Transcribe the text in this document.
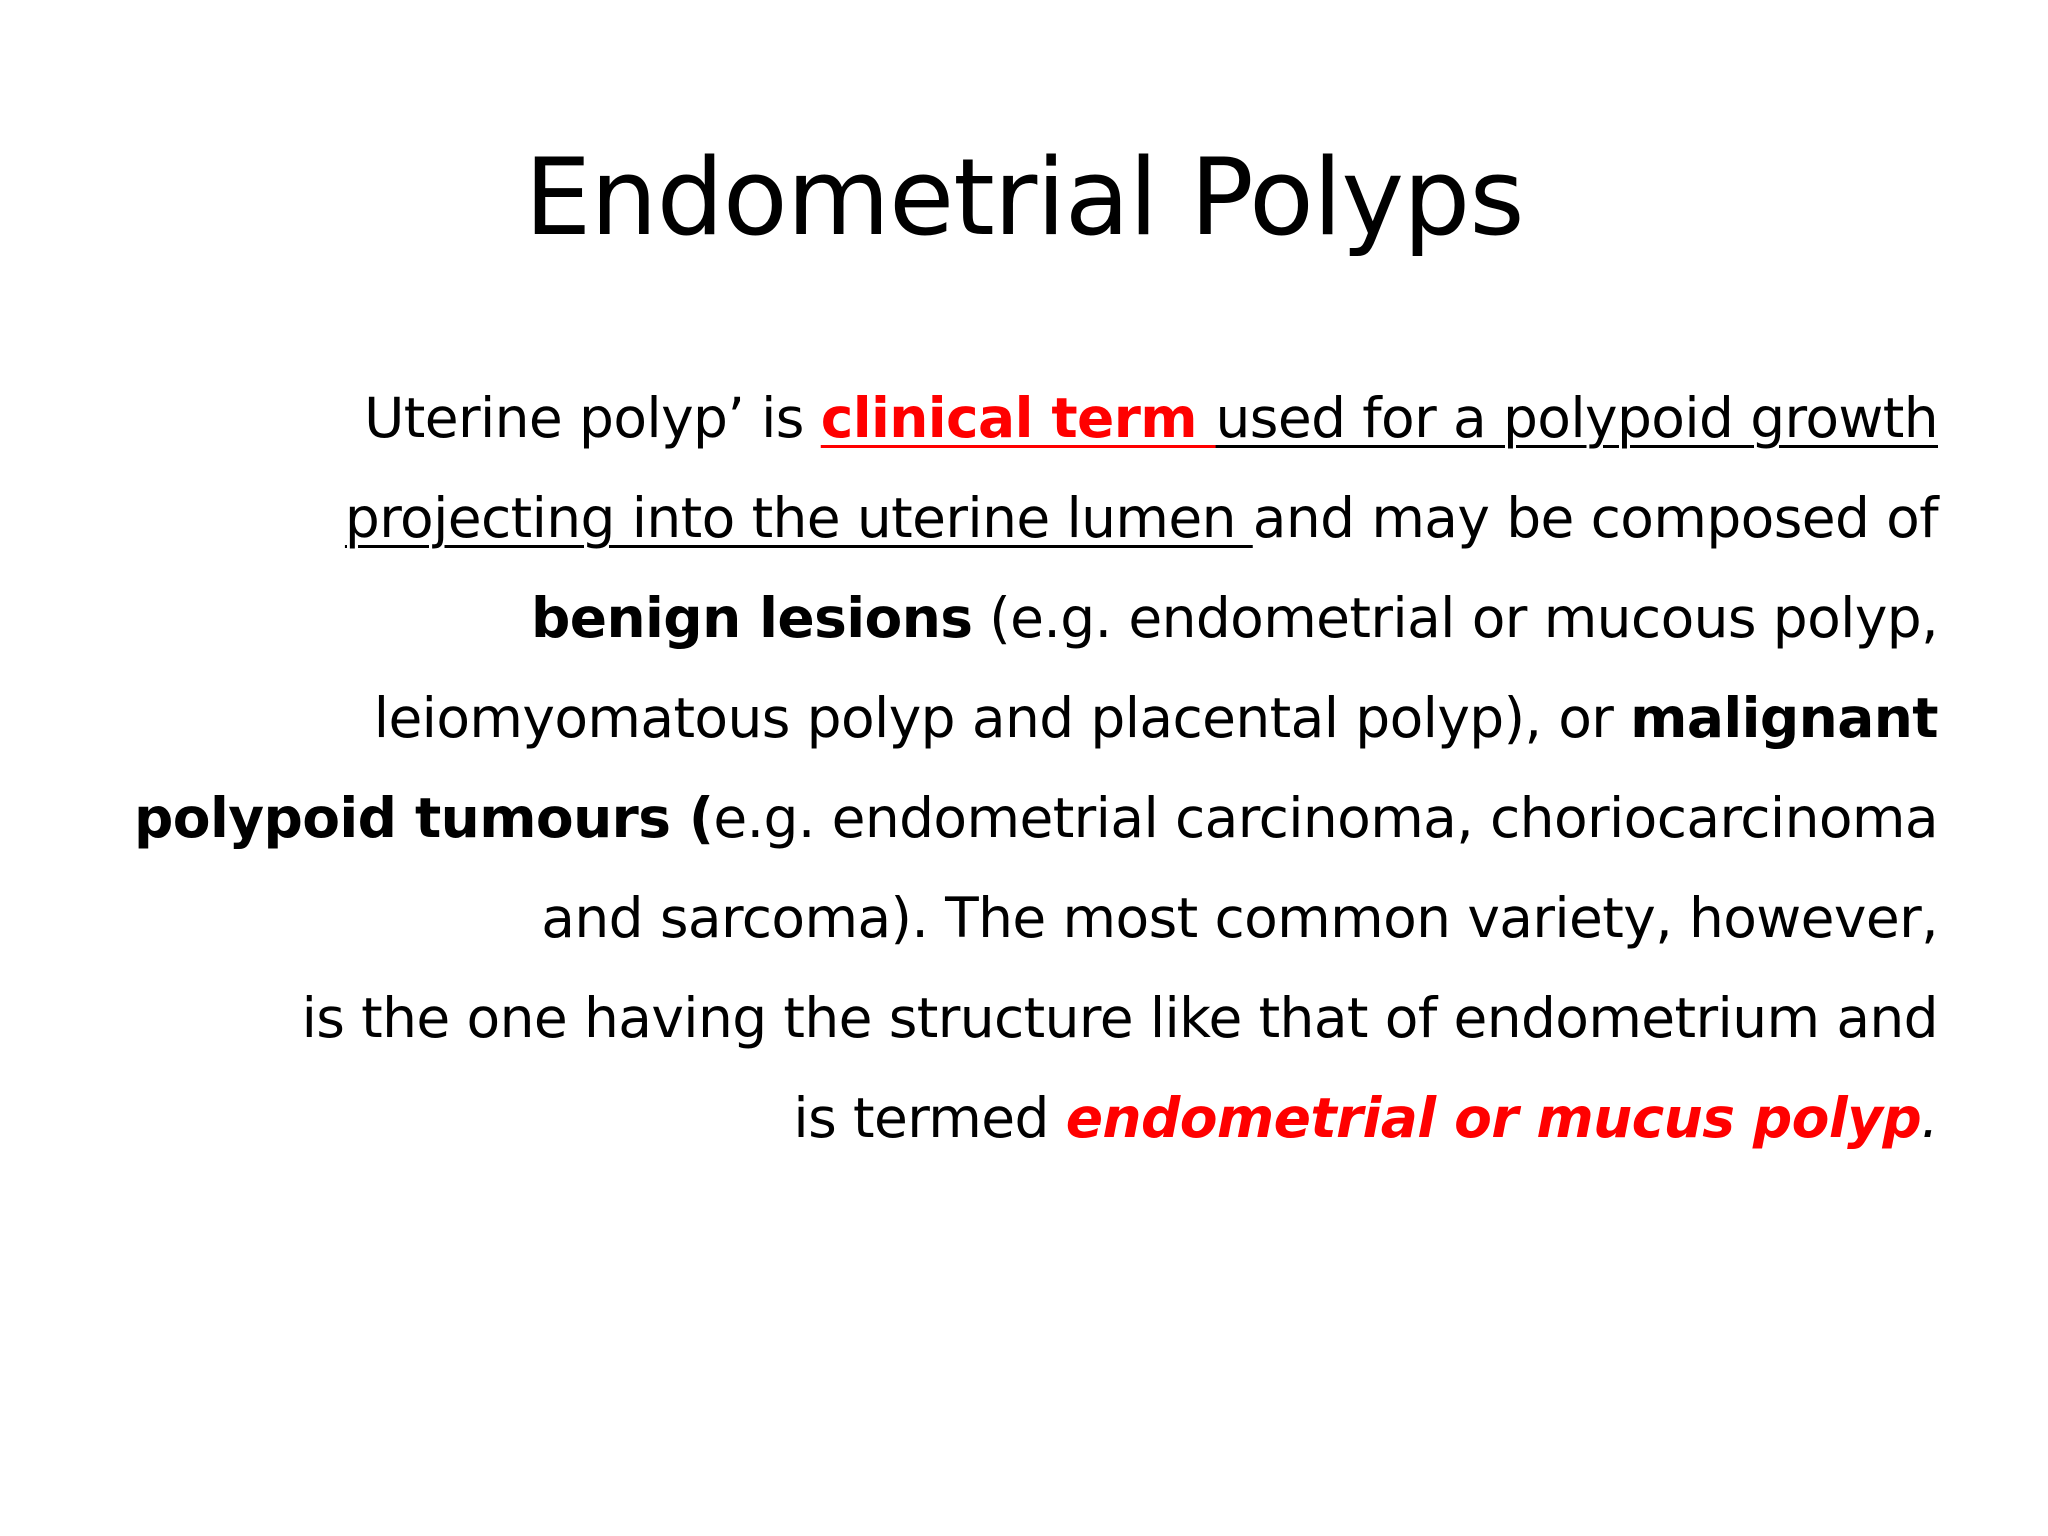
Endometrial Polyps
Uterine polyp’ is clinical term used for a polypoid growth
projecting into the uterine lumen and may be composed of
benign lesions (e.g. endometrial or mucous polyp,
leiomyomatous polyp and placental polyp), or malignant
polypoid tumours (e.g. endometrial carcinoma, choriocarcinoma
and sarcoma). The most common variety, however,
is the one having the structure like that of endometrium and
is termed endometrial or mucus polyp.
